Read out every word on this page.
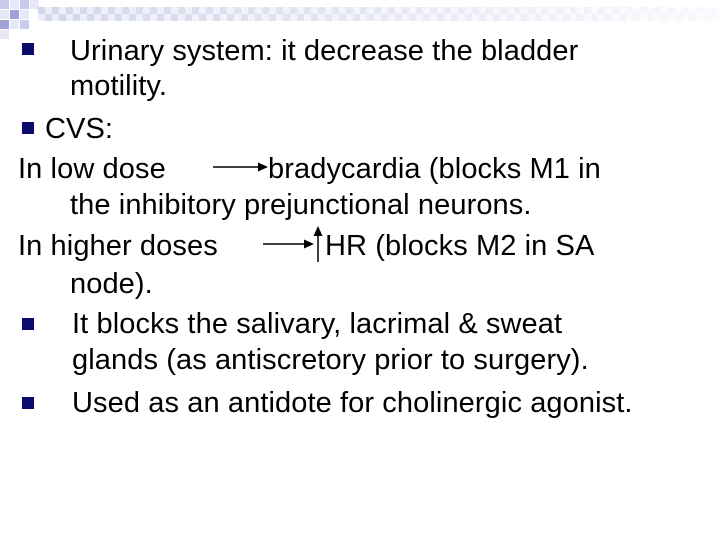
Urinary system: it decrease the bladder
motility.
CVS:
In low dose	bradycardia (blocks M1 in
the inhibitory prejunctional neurons.
In higher doses	HR (blocks M2 in SA
node).
It blocks the salivary, lacrimal & sweat
glands (as antiscretory prior to surgery).
Used as an antidote for cholinergic agonist.
